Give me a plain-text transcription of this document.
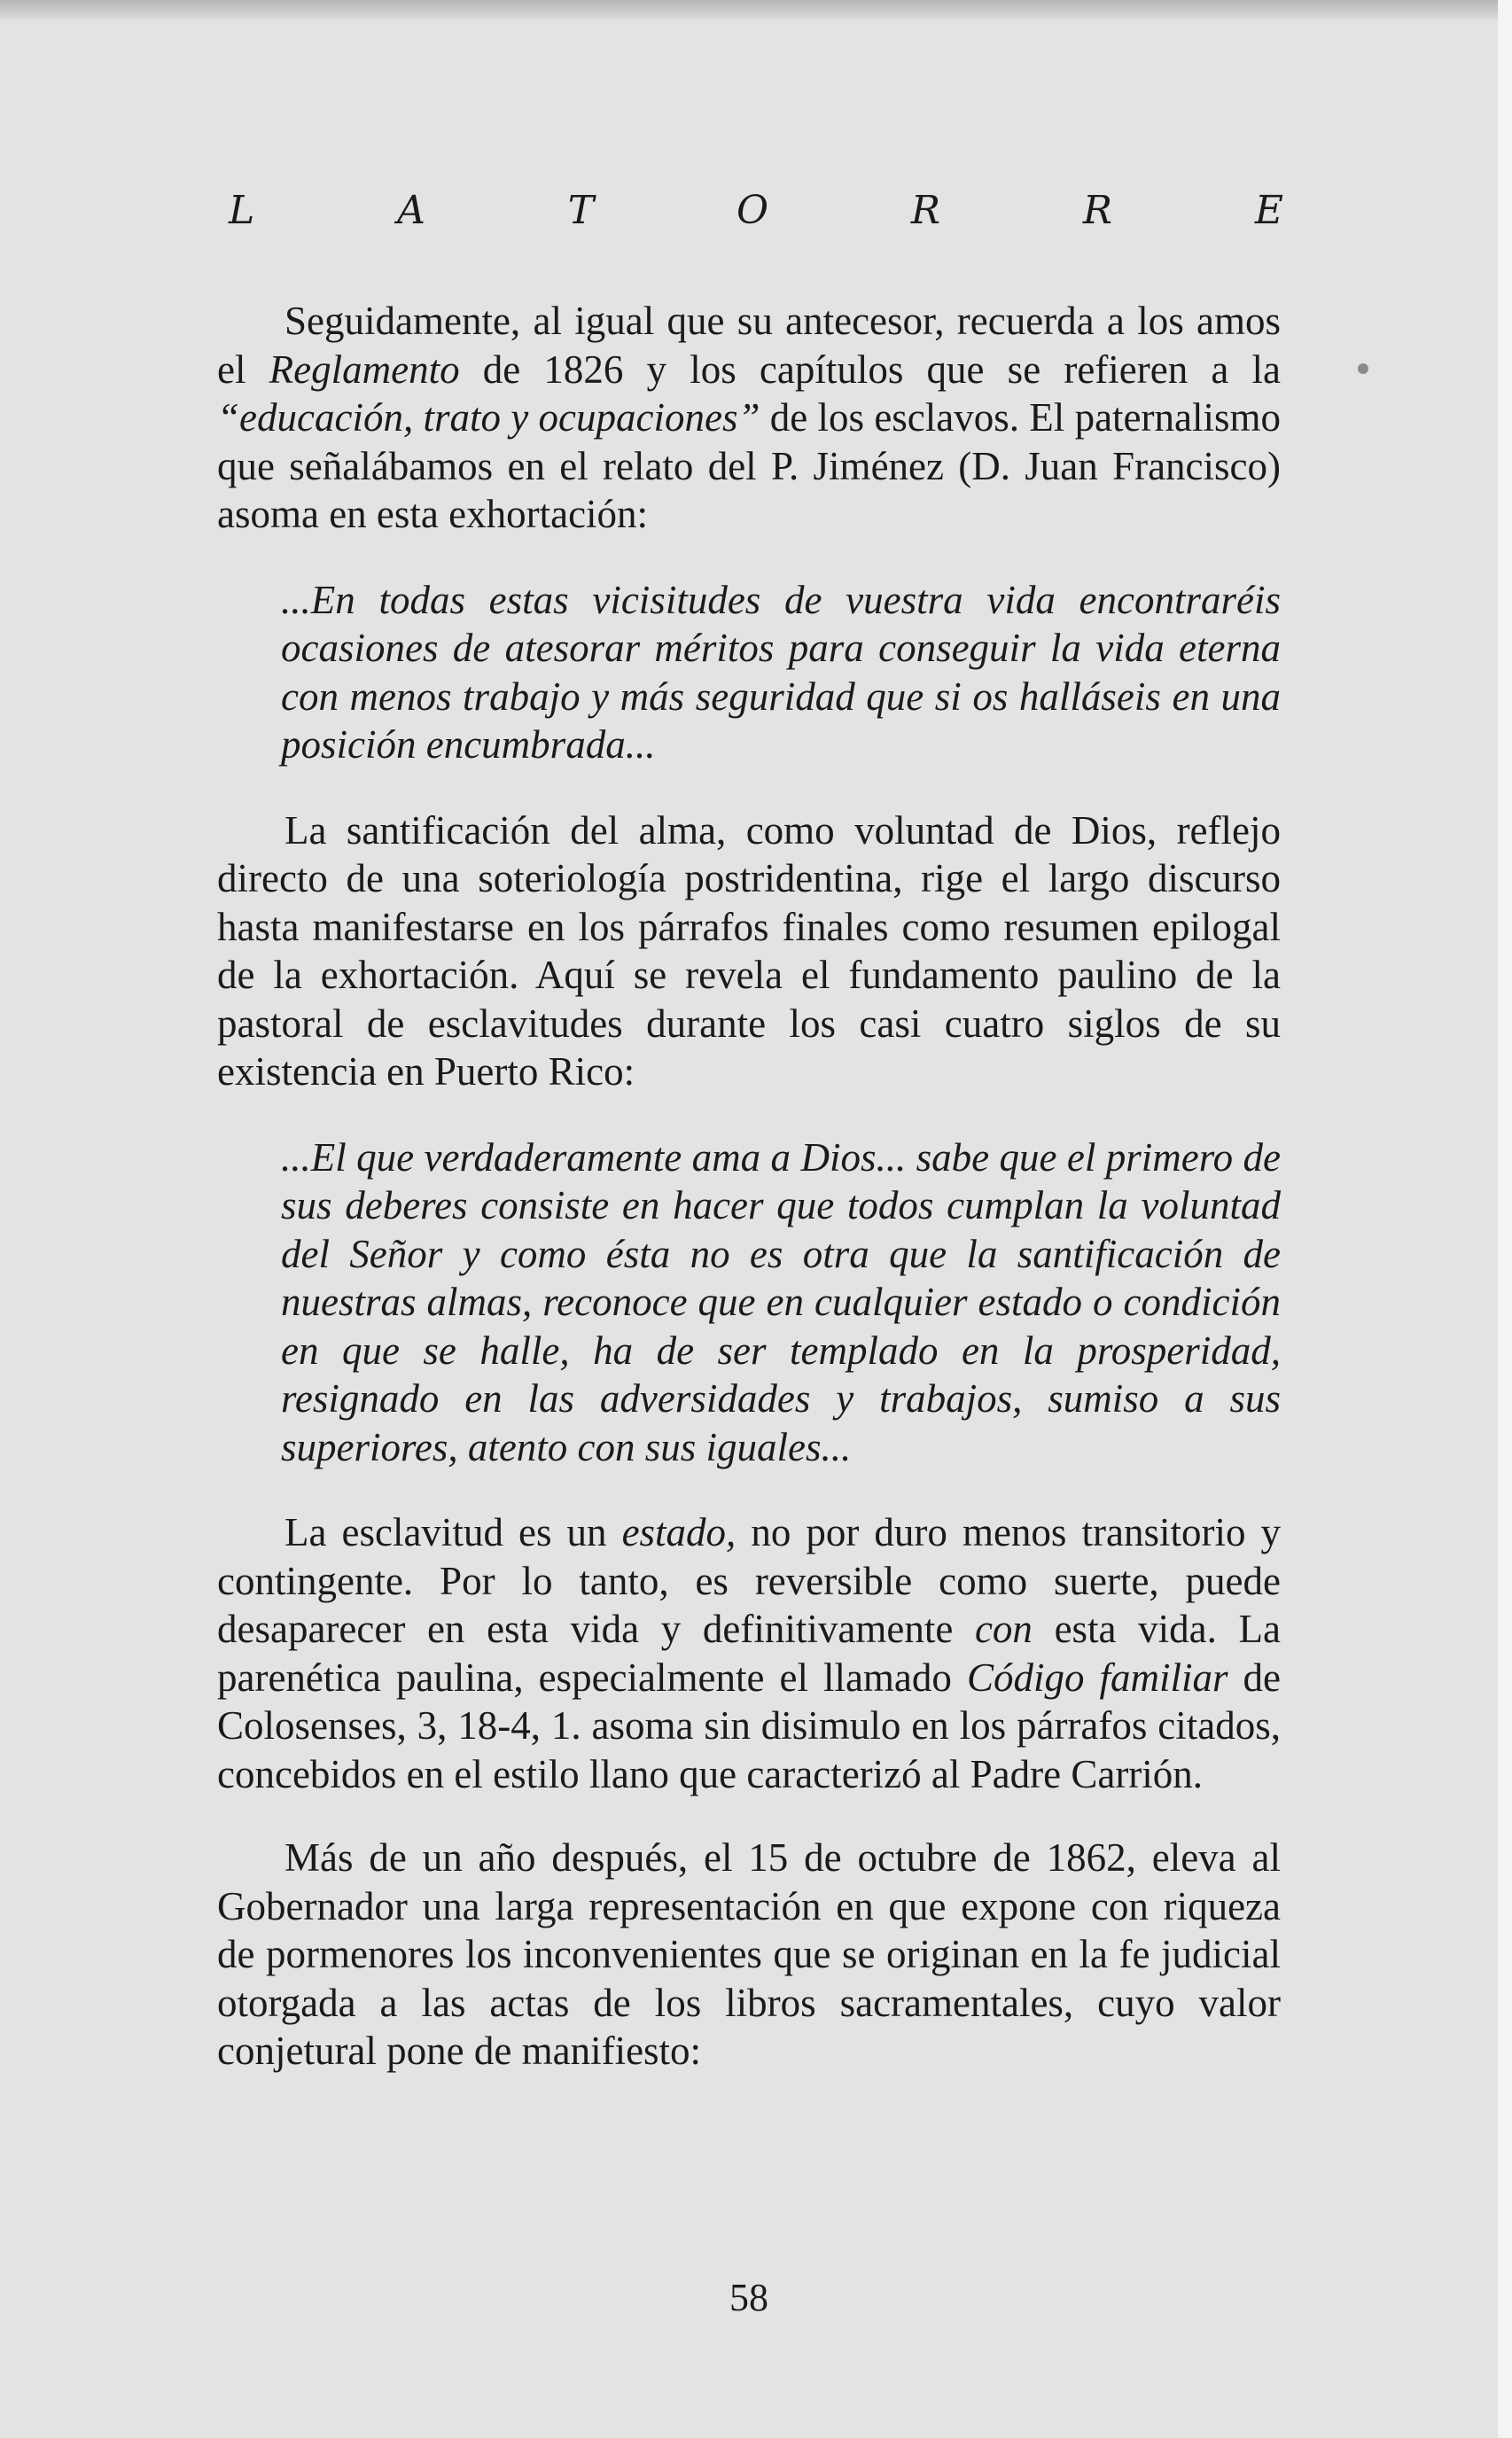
L	A	T	O	R	R	E

Seguidamente, al igual que su antecesor, recuerda a los amos el Reglamento de 1826 y los capítulos que se refieren a la “educación, trato y ocupaciones” de los esclavos. El paternalismo que señalábamos en el relato del P. Jiménez (D. Juan Francisco) asoma en esta exhortación:

...En todas estas vicisitudes de vuestra vida encontraréis ocasiones de atesorar méritos para conseguir la vida eterna con menos trabajo y más seguridad que si os halláseis en una posición encumbrada...

La santificación del alma, como voluntad de Dios, reflejo directo de una soteriología postridentina, rige el largo discurso hasta manifestarse en los párrafos finales como resumen epilogal de la exhortación. Aquí se revela el fundamento paulino de la pastoral de esclavitudes durante los casi cuatro siglos de su existencia en Puerto Rico:

...El que verdaderamente ama a Dios... sabe que el primero de sus deberes consiste en hacer que todos cumplan la voluntad del Señor y como ésta no es otra que la santificación de nuestras almas, reconoce que en cualquier estado o condición en que se halle, ha de ser templado en la prosperidad, resignado en las adversidades y trabajos, sumiso a sus superiores, atento con sus iguales...

La esclavitud es un estado, no por duro menos transitorio y contingente. Por lo tanto, es reversible como suerte, puede desaparecer en esta vida y definitivamente con esta vida. La parenética paulina, especialmente el llamado Código familiar de Colosenses, 3, 18-4, 1. asoma sin disimulo en los párrafos citados, concebidos en el estilo llano que caracterizó al Padre Carrión.

Más de un año después, el 15 de octubre de 1862, eleva al Gobernador una larga representación en que expone con riqueza de pormenores los inconvenientes que se originan en la fe judicial otorgada a las actas de los libros sacramentales, cuyo valor conjetural pone de manifiesto:

58
